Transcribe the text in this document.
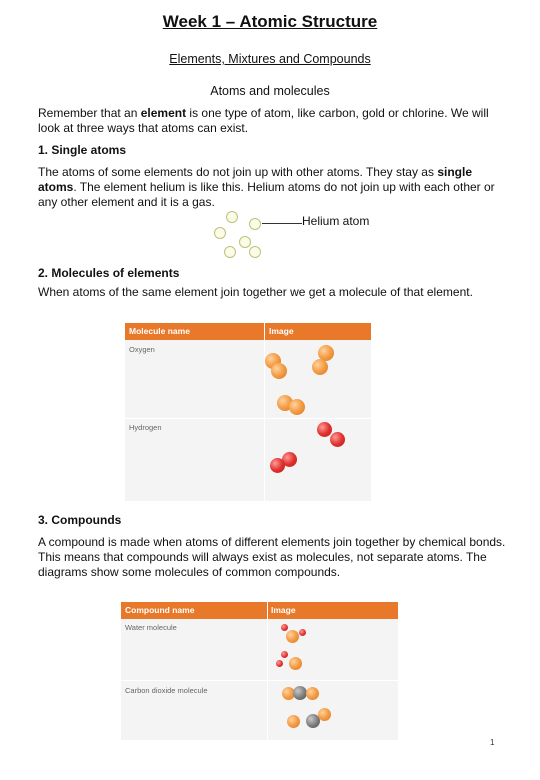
Week 1 – Atomic Structure
Elements, Mixtures and Compounds
Atoms and molecules
Remember that an element is one type of atom, like carbon, gold or chlorine. We will look at three ways that atoms can exist.
1. Single atoms
The atoms of some elements do not join up with other atoms. They stay as single atoms. The element helium is like this. Helium atoms do not join up with each other or any other element and it is a gas.
Helium atom
2. Molecules of elements
When atoms of the same element join together we get a molecule of that element.
Molecule name	Image
Oxygen
Hydrogen
3. Compounds
A compound is made when atoms of different elements join together by chemical bonds. This means that compounds will always exist as molecules, not separate atoms. The diagrams show some molecules of common compounds.
Compound name	Image
Water molecule
Carbon dioxide molecule
1
